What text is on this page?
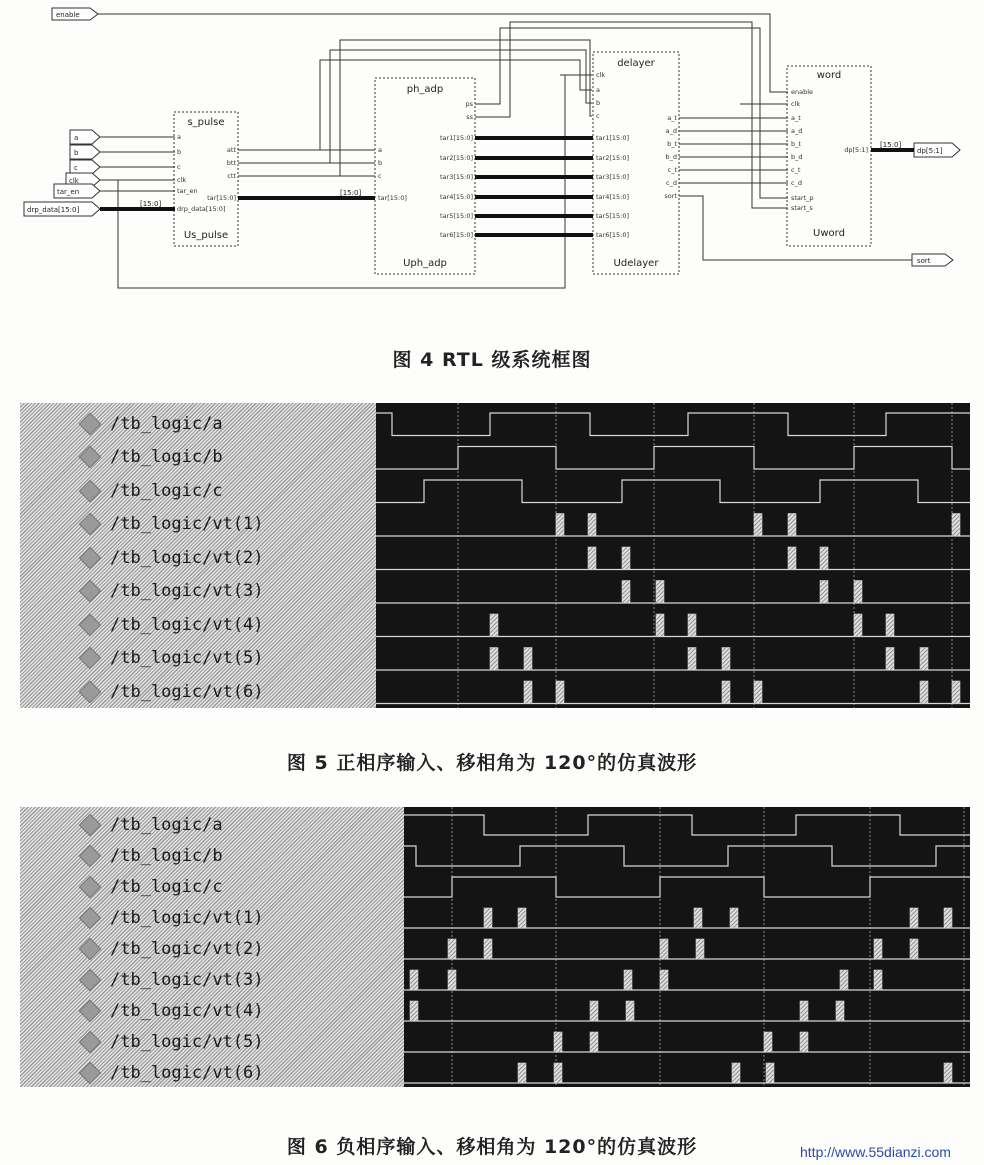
s_pulse
Us_pulse
ph_adp
Uph_adp
delayer
Udelayer
word
Uword
enable
a
b
c
clk
tar_en
drp_data[15:0]
sort
dp[5:1]
[15:0]
[15:0]
[15:0]
a
b
c
clk
tar_en
drp_data[15:0]
att
btt
ctt
tar[15:0]
a
b
c
tar[15:0]
ps
ss
tar1[15:0]
tar2[15:0]
tar3[15:0]
tar4[15:0]
tar5[15:0]
tar6[15:0]
clk
a
b
c
tar1[15:0]
tar2[15:0]
tar3[15:0]
tar4[15:0]
tar5[15:0]
tar6[15:0]
a_t
a_d
b_t
b_d
c_t
c_d
sort
enable
clk
a_t
a_d
b_t
b_d
c_t
c_d
start_p
start_s
dp[5:1]
图 4 RTL 级系统框图
/tb_logic/a
/tb_logic/b
/tb_logic/c
/tb_logic/vt(1)
/tb_logic/vt(2)
/tb_logic/vt(3)
/tb_logic/vt(4)
/tb_logic/vt(5)
/tb_logic/vt(6)
图 5 正相序输入、移相角为 120°的仿真波形
/tb_logic/a
/tb_logic/b
/tb_logic/c
/tb_logic/vt(1)
/tb_logic/vt(2)
/tb_logic/vt(3)
/tb_logic/vt(4)
/tb_logic/vt(5)
/tb_logic/vt(6)
图 6 负相序输入、移相角为 120°的仿真波形	http://www.55dianzi.com
